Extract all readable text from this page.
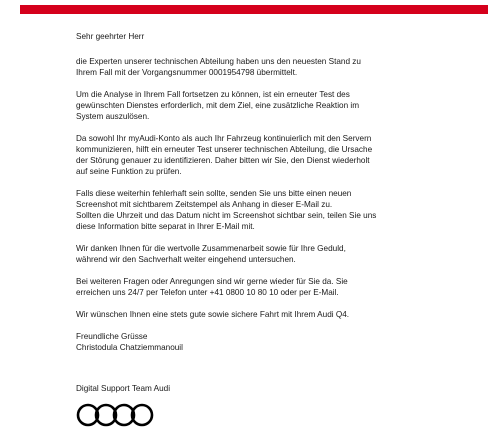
Sehr geehrter Herr

die Experten unserer technischen Abteilung haben uns den neuesten Stand zu
Ihrem Fall mit der Vorgangsnummer 0001954798 übermittelt.

Um die Analyse in Ihrem Fall fortsetzen zu können, ist ein erneuter Test des
gewünschten Dienstes erforderlich, mit dem Ziel, eine zusätzliche Reaktion im
System auszulösen.

Da sowohl Ihr myAudi-Konto als auch Ihr Fahrzeug kontinuierlich mit den Servern
kommunizieren, hilft ein erneuter Test unserer technischen Abteilung, die Ursache
der Störung genauer zu identifizieren. Daher bitten wir Sie, den Dienst wiederholt
auf seine Funktion zu prüfen.

Falls diese weiterhin fehlerhaft sein sollte, senden Sie uns bitte einen neuen
Screenshot mit sichtbarem Zeitstempel als Anhang in dieser E-Mail zu.
Sollten die Uhrzeit und das Datum nicht im Screenshot sichtbar sein, teilen Sie uns
diese Information bitte separat in Ihrer E-Mail mit.

Wir danken Ihnen für die wertvolle Zusammenarbeit sowie für Ihre Geduld,
während wir den Sachverhalt weiter eingehend untersuchen.

Bei weiteren Fragen oder Anregungen sind wir gerne wieder für Sie da. Sie
erreichen uns 24/7 per Telefon unter +41 0800 10 80 10 oder per E-Mail.

Wir wünschen Ihnen eine stets gute sowie sichere Fahrt mit Ihrem Audi Q4.

Freundliche Grüsse
Christodula Chatziemmanouil

Digital Support Team Audi
